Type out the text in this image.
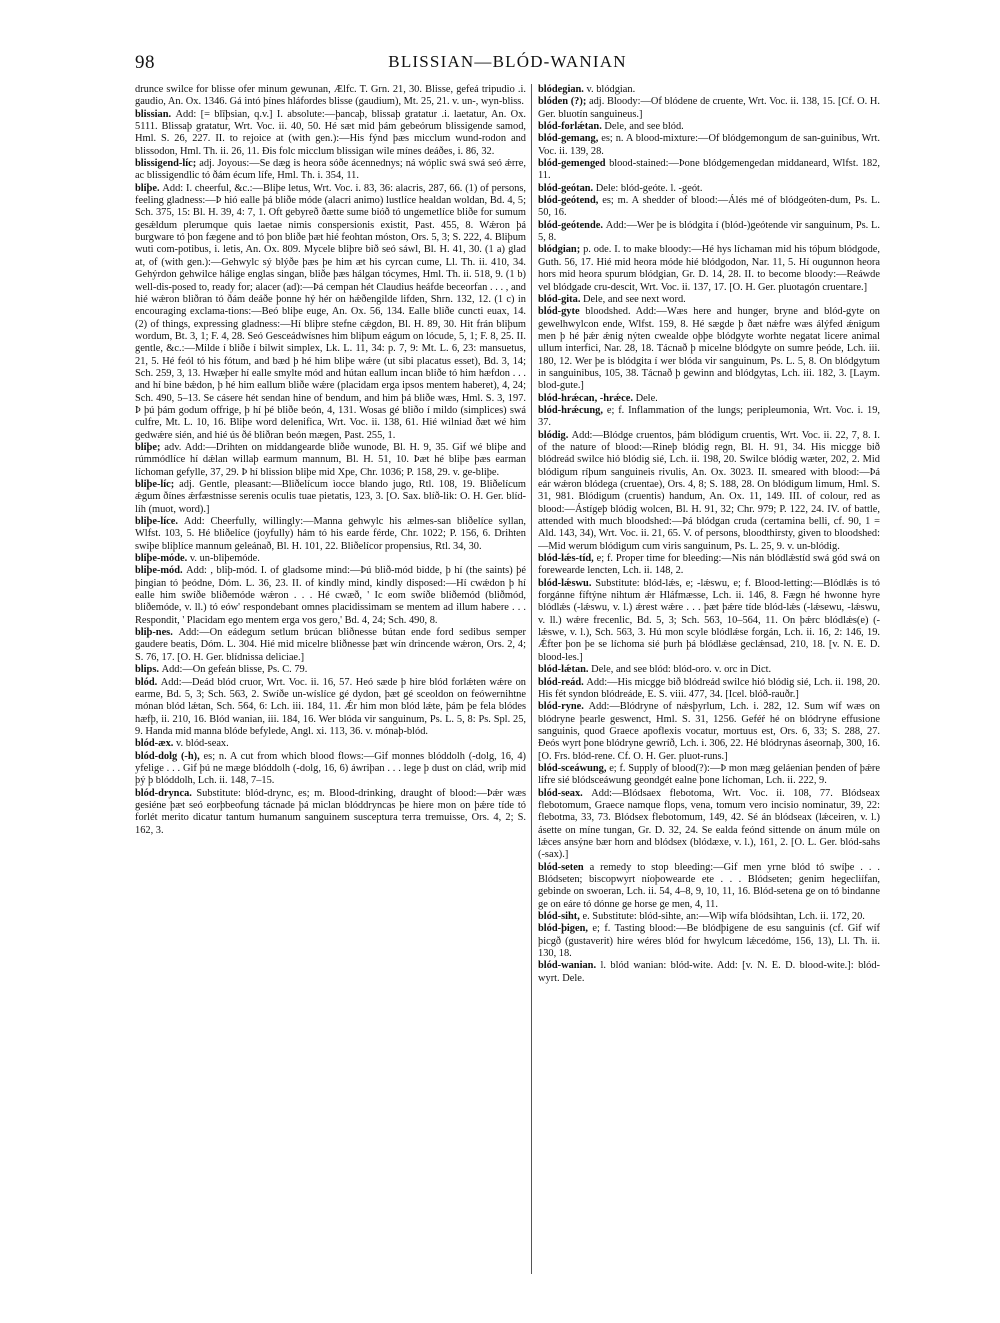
98	BLISSIAN—BLÓD-WANIAN

drunce swilce for blisse ofer minum gewunan, Ælfc. T. Grn. 21, 30. Blisse, gefeá tripudio .i. gaudio, An. Ox. 1346. Gá intó þínes hláfordes blisse (gaudium), Mt. 25, 21. v. un-, wyn-bliss.

blissian. Add: [= blīþsian, q.v.] I. absolute:—þancaþ, blissaþ gratatur .i. laetatur, An. Ox. 5111. Blissaþ gratatur, Wrt. Voc. ii. 40, 50. Hé sæt mid þám gebeórum blissigende samod, Hml. S. 26, 227. II. to rejoice at (with gen.):—His fýnd þæs micclum wund-rodon and blissodon, Hml. Th. ii. 26, 11. Ðis folc micclum blissigan wile mínes deáðes, i. 86, 32.

blissigend-líc; adj. Joyous:—Se dæg is heora sóðe ácennednys; ná wóplic swá swá seó ǽrre, ac blissigendlic tó ðám écum lífe, Hml. Th. i. 354, 11.

bliþe. Add: I. cheerful, &c.:—Bliþe letus, Wrt. Voc. i. 83, 36: alacris, 287, 66. (1) of persons, feeling gladness:—Þ hió ealle þá bliðe móde (alacri animo) lustlíce healdan woldan, Bd. 4, 5; Sch. 375, 15: Bl. H. 39, 4: 7, 1. Oft gebyreð ðætte sume bióð tó ungemetlíce bliðe for sumum gesǽldum plerumque quis laetae nimis conspersionis existit, Past. 455, 8. Wǽron þá burgware tó þon fægene and tó þon bliðe þæt hié feohtan móston, Ors. 5, 3; S. 222, 4. Bliþum wuti com-potibus, i. letis, An. Ox. 809. Mycele bliþre bið seó sáwl, Bl. H. 41, 30. (1 a) glad at, of (with gen.):—Gehwylc sý blýðe þæs þe him æt his cyrcan cume, Ll. Th. ii. 410, 34. Gehýrdon gehwilce hálige englas singan, bliðe þæs hálgan tócymes, Hml. Th. ii. 518, 9. (1 b) well-dis-posed to, ready for; alacer (ad):—Þá cempan hét Claudius heáfde beceorfan . . . , and hié wǽron bliðran tó ðám deáðe þonne hý hér on hǽðengilde lifden, Shrn. 132, 12. (1 c) in encouraging exclama-tions:—Beó bliþe euge, An. Ox. 56, 134. Ealle bliðe cuncti euax, 14. (2) of things, expressing gladness:—Hí bliþre stefne cǽgdon, Bl. H. 89, 30. Hit frán bliþum wordum, Bt. 3, 1; F. 4, 28. Seó Gesceádwísnes him bliþum eágum on lócude, 5, 1; F. 8, 25. II. gentle, &c.:—Milde í bliðe í bilwit simplex, Lk. L. 11, 34: p. 7, 9: Mt. L. 6, 23: mansuetus, 21, 5. Hé feól tó his fótum, and bæd þ hé him bliþe wǽre (ut sibi placatus esset), Bd. 3, 14; Sch. 259, 3, 13. Hwæþer hí ealle smylte mód and hútan eallum incan bliðe tó him hæfdon . . . and hí bine bǽdon, þ hé him eallum bliðe wǽre (placidam erga ipsos mentem haberet), 4, 24; Sch. 490, 5–13. Se cásere hét sendan hine of bendum, and him þá bliðe wæs, Hml. S. 3, 197. Þ þú þám godum offrige, þ hí þé bliðe beón, 4, 131. Wosas gé bliðo í mildo (simplices) swá culfre, Mt. L. 10, 16. Bliþe word delenifica, Wrt. Voc. ii. 138, 61. Hié wilniad ðæt wé him gedwǽre sién, and hié ús ðé bliðran beón mægen, Past. 255, 1.

bliþe; adv. Add:—Drihten on middangearde bliðe wunode, Bl. H. 9, 35. Gif wé bliþe and rúmmódlíce hí dǽlan willaþ earmum mannum, Bl. H. 51, 10. Þæt hé bliþe þæs earman líchoman gefylle, 37, 29. Þ hí blission bliþe mid Xpe, Chr. 1036; P. 158, 29. v. ge-bliþe.

bliþe-líc; adj. Gentle, pleasant:—Bliðelícum ìocce blando jugo, Rtl. 108, 19. Bliðelícum ǽgum ðínes ǽrfæstnisse serenis oculis tuae pietatis, 123, 3. [O. Sax. blíð-lik: O. H. Ger. blíd-líh (muot, word).]

bliþe-líce. Add: Cheerfully, willingly:—Manna gehwylc his ælmes-san bliðelíce syllan, Wlfst. 103, 5. Hé bliðelíce (joyfully) hám tó his earde férde, Chr. 1022; P. 156, 6. Drihten swiþe bliþlíce mannum geleánað, Bl. H. 101, 22. Bliðelícor propensius, Rtl. 34, 30.

bliþe-móde. v. un-bliþemóde.

bliþe-mód. Add: , bliþ-mód. I. of gladsome mind:—Þú blið-mód bidde, þ hí (the saints) þé þingian tó þeódne, Dóm. L. 36, 23. II. of kindly mind, kindly disposed:—Hí cwǽdon þ hí ealle him swíðe bliðemóde wǽron . . . Hé cwæð, ' Ic eom swíðe bliðemód (bliðmód, bliðemóde, v. ll.) tó eów' respondebant omnes placidissimam se mentem ad illum habere . . . Respondit, ' Placidam ego mentem erga vos gero,' Bd. 4, 24; Sch. 490, 8.

bliþ-nes. Add:—On eádegum setlum brúcan bliðnesse bútan ende ford sedibus semper gaudere beatis, Dóm. L. 304. Hié mid micelre bliðnesse þæt wín drincende wǽron, Ors. 2, 4; S. 76, 17. [O. H. Ger. blídnissa deliciae.]

blips. Add:—On gefeán blisse, Ps. C. 79.

blód. Add:—Deád blód cruor, Wrt. Voc. ii. 16, 57. Heó sæde þ hire blód forlǽten wǽre on earme, Bd. 5, 3; Sch. 563, 2. Swíðe un-wíslíce gé dydon, þæt gé sceoldon on feówernihtne mónan blód lǽtan, Sch. 564, 6: Lch. iii. 184, 11. Ǽr him mon blód lǽte, þám þe fela blódes hæfþ, ii. 210, 16. Blód wanian, iii. 184, 16. Wer blóda vir sanguinum, Ps. L. 5, 8: Ps. Spl. 25, 9. Handa mid manna blóde befylede, Angl. xi. 113, 36. v. mónaþ-blód.

blód-æx. v. blód-seax.

blód-dolg (-h), es; n. A cut from which blood flows:—Gif monnes blóddolh (-dolg, 16, 4) yfelige . . . Gif þú ne mæge blóddolh (-dolg, 16, 6) áwriþan . . . lege þ dust on clád, wriþ mid þý þ blóddolh, Lch. ii. 148, 7–15.

blód-drynca. Substitute: blód-drync, es; m. Blood-drinking, draught of blood:—Þǽr wæs gesiéne þæt seó eorþbeofung tácnade þá miclan blóddryncas þe hiere mon on þǽre tíde tó forlét merito dicatur tantum humanum sanguinem susceptura terra tremuisse, Ors. 4, 2; S. 162, 3.

blódegian. v. blódgian.

blóden (?); adj. Bloody:—Of blódene de cruente, Wrt. Voc. ii. 138, 15. [Cf. O. H. Ger. bluotín sanguineus.]

blód-forlǽtan. Dele, and see blód.

blód-gemang, es; n. A blood-mixture:—Of blódgemongum de san-guinibus, Wrt. Voc. ii. 139, 28.

blód-gemenged blood-stained:—Þone blódgemengedan middaneard, Wlfst. 182, 11.

blód-geótan. Dele: blód-geóte. l. -geót.

blód-geótend, es; m. A shedder of blood:—Álés mé of blódgeóten-dum, Ps. L. 50, 16.

blód-geótende. Add:—Wer þe is blódgita í (blód-)geótende vir sanguinum, Ps. L. 5, 8.

blódgian; p. ode. I. to make bloody:—Hé hys líchaman mid his tóþum blódgode, Guth. 56, 17. Hié mid heora móde hié blódgodon, Nar. 11, 5. Hí ougunnon heora hors mid heora spurum blódgian, Gr. D. 14, 28. II. to become bloody:—Reáwde vel blódgade cru-descit, Wrt. Voc. ii. 137, 17. [O. H. Ger. pluotagón cruentare.]

blód-gita. Dele, and see next word.

blód-gyte bloodshed. Add:—Wæs here and hunger, bryne and blód-gyte on gewelhwylcon ende, Wlfst. 159, 8. Hé sægde þ ðæt nǽfre wæs álýfed ǽnigum men þ hé þǽr ǽnig nýten cwealde oþþe blódgyte worhte negatat licere animal ullum interfici, Nar. 28, 18. Tácnað þ micelne blódgyte on sumre þeóde, Lch. iii. 180, 12. Wer þe is blódgita í wer blóda vir sanguinum, Ps. L. 5, 8. On blódgytum in sanguinibus, 105, 38. Tácnað þ gewinn and blódgytas, Lch. iii. 182, 3. [Laym. blod-gute.]

blód-hrǽcan, -hrǽce. Dele.

blód-hrǽcung, e; f. Inflammation of the lungs; peripleumonia, Wrt. Voc. i. 19, 37.

blódig. Add:—Blódge cruentos, þám blódigum cruentis, Wrt. Voc. ii. 22, 7, 8. I. of the nature of blood:—Rineþ blódig regn, Bl. H. 91, 34. His micgge bið blódreád swilce hió blódig sié, Lch. ii. 198, 20. Swilce blódig wæter, 202, 2. Mid blódigum ríþum sanguineis rivulis, An. Ox. 3023. II. smeared with blood:—Þá eár wǽron blódega (cruentae), Ors. 4, 8; S. 188, 28. On blódigum limum, Hml. S. 31, 981. Blódigum (cruentis) handum, An. Ox. 11, 149. III. of colour, red as blood:—Ástígeþ blódig wolcen, Bl. H. 91, 32; Chr. 979; P. 122, 24. IV. of battle, attended with much bloodshed:—Þá blódgan cruda (certamina belli, cf. 90, 1 = Ald. 143, 34), Wrt. Voc. ii. 21, 65. V. of persons, bloodthirsty, given to bloodshed:—Mid werum blódigum cum viris sanguinum, Ps. L. 25, 9. v. un-blódig.

blód-lǽs-tíd, e; f. Proper time for bleeding:—Nis nán blódlǽstíd swá gód swá on forewearde lencten, Lch. ii. 148, 2.

blód-lǽswu. Substitute: blód-lǽs, e; -lǽswu, e; f. Blood-letting:—Blódlǽs is tó forgánne fíftýne nihtum ǽr Hláfmæsse, Lch. ii. 146, 8. Fægn hé hwonne hyre blódlǽs (-lǽswu, v. l.) ǽrest wǽre . . . þæt þǽre tíde blód-lǽs (-lǽsewu, -lǽswu, v. ll.) wǽre frecenlic, Bd. 5, 3; Sch. 563, 10–564, 11. On þǽrc blódlǽs(e) (-lǽswe, v. l.), Sch. 563, 3. Hú mon scyle blódlǽse forgán, Lch. ii. 16, 2: 146, 19. Ǽfter þon þe se líchoma sié þurh þá blódlǽse geclǽnsad, 210, 18. [v. N. E. D. blood-les.]

blód-lǽtan. Dele, and see blód: blód-oro. v. orc in Dict.

blód-reád. Add:—His micgge bið blódreád swilce hió blódig sié, Lch. ii. 198, 20. His fét syndon blódreáde, E. S. viii. 477, 34. [Icel. blóð-rauðr.]

blód-ryne. Add:—Blódryne of nǽsþyrlum, Lch. i. 282, 12. Sum wíf wæs on blódryne þearle geswenct, Hml. S. 31, 1256. Geféŕ hé on blódryne effusione sanguinis, quod Graece apoflexis vocatur, mortuus est, Ors. 6, 33; S. 288, 27. Ðeós wyrt þone blódryne gewríð, Lch. i. 306, 22. Hé blódrynas áseornaþ, 300, 16. [O. Frs. blód-rene. Cf. O. H. Ger. pluot-runs.]

blód-sceáwung, e; f. Supply of blood(?):—Þ mon mæg geláenian þenden of þǽre lífre sié blódsceáwung geondgét ealne þone líchoman, Lch. ii. 222, 9.

blód-seax. Add:—Blódsaex flebotoma, Wrt. Voc. ii. 108, 77. Blódseax flebotomum, Graece namque flops, vena, tomum vero incisio nominatur, 39, 22: flebotma, 33, 73. Blódsex flebotomum, 149, 42. Sé án blódseax (lǽceiren, v. l.) ásette on míne tungan, Gr. D. 32, 24. Se ealda feónd sittende on ánum múle on lǽces ansýne bær horn and blódsex (blódæxe, v. l.), 161, 2. [O. L. Ger. blód-sahs (-sax).]

blód-seten a remedy to stop bleeding:—Gif men yrne blód tó swíþe . . . Blódseten; biscopwyrt níoþowearde ete . . . Blódseten; genim hegecliífan, gebinde on swoeran, Lch. ii. 54, 4–8, 9, 10, 11, 16. Blód-setena ge on tó bindanne ge on eáre tó dónne ge horse ge men, 4, 11.

blód-siht, e. Substitute: blód-sihte, an:—Wiþ wífa blódsihtan, Lch. ii. 172, 20.

blód-þigen, e; f. Tasting blood:—Be blódþigene de esu sanguinis (cf. Gif wíf þicgð (gustaverit) hire wéres blód for hwylcum lǽcedóme, 156, 13), Ll. Th. ii. 130, 18.

blód-wanian. l. blód wanian: blód-wite. Add: [v. N. E. D. blood-wite.]: blód-wyrt. Dele.
